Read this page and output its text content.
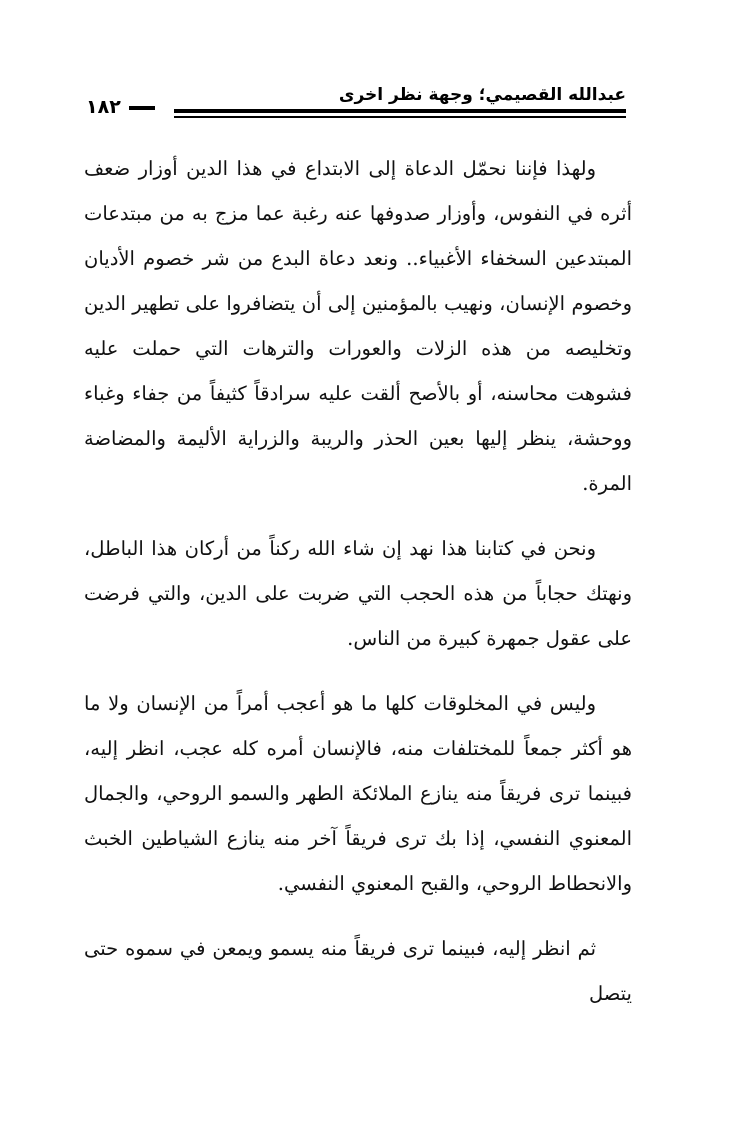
عبدالله القصيمي؛ وجهة نظر اخرى
١٨٢

ولهذا فإننا نحمّل الدعاة إلى الابتداع في هذا الدين أوزار ضعف أثره في النفوس، وأوزار صدوفها عنه رغبة عما مزج به من مبتدعات المبتدعين السخفاء الأغبياء.. ونعد دعاة البدع من شر خصوم الأديان وخصوم الإنسان، ونهيب بالمؤمنين إلى أن يتضافروا على تطهير الدين وتخليصه من هذه الزلات والعورات والترهات التي حملت عليه فشوهت محاسنه، أو بالأصح ألقت عليه سرادقاً كثيفاً من جفاء وغباء ووحشة، ينظر إليها بعين الحذر والريبة والزراية الأليمة والمضاضة المرة.

ونحن في كتابنا هذا نهد إن شاء الله ركناً من أركان هذا الباطل، ونهتك حجاباً من هذه الحجب التي ضربت على الدين، والتي فرضت على عقول جمهرة كبيرة من الناس.

وليس في المخلوقات كلها ما هو أعجب أمراً من الإنسان ولا ما هو أكثر جمعاً للمختلفات منه، فالإنسان أمره كله عجب، انظر إليه، فبينما ترى فريقاً منه ينازع الملائكة الطهر والسمو الروحي، والجمال المعنوي النفسي، إذا بك ترى فريقاً آخر منه ينازع الشياطين الخبث والانحطاط الروحي، والقبح المعنوي النفسي.

ثم انظر إليه، فبينما ترى فريقاً منه يسمو ويمعن في سموه حتى يتصل
